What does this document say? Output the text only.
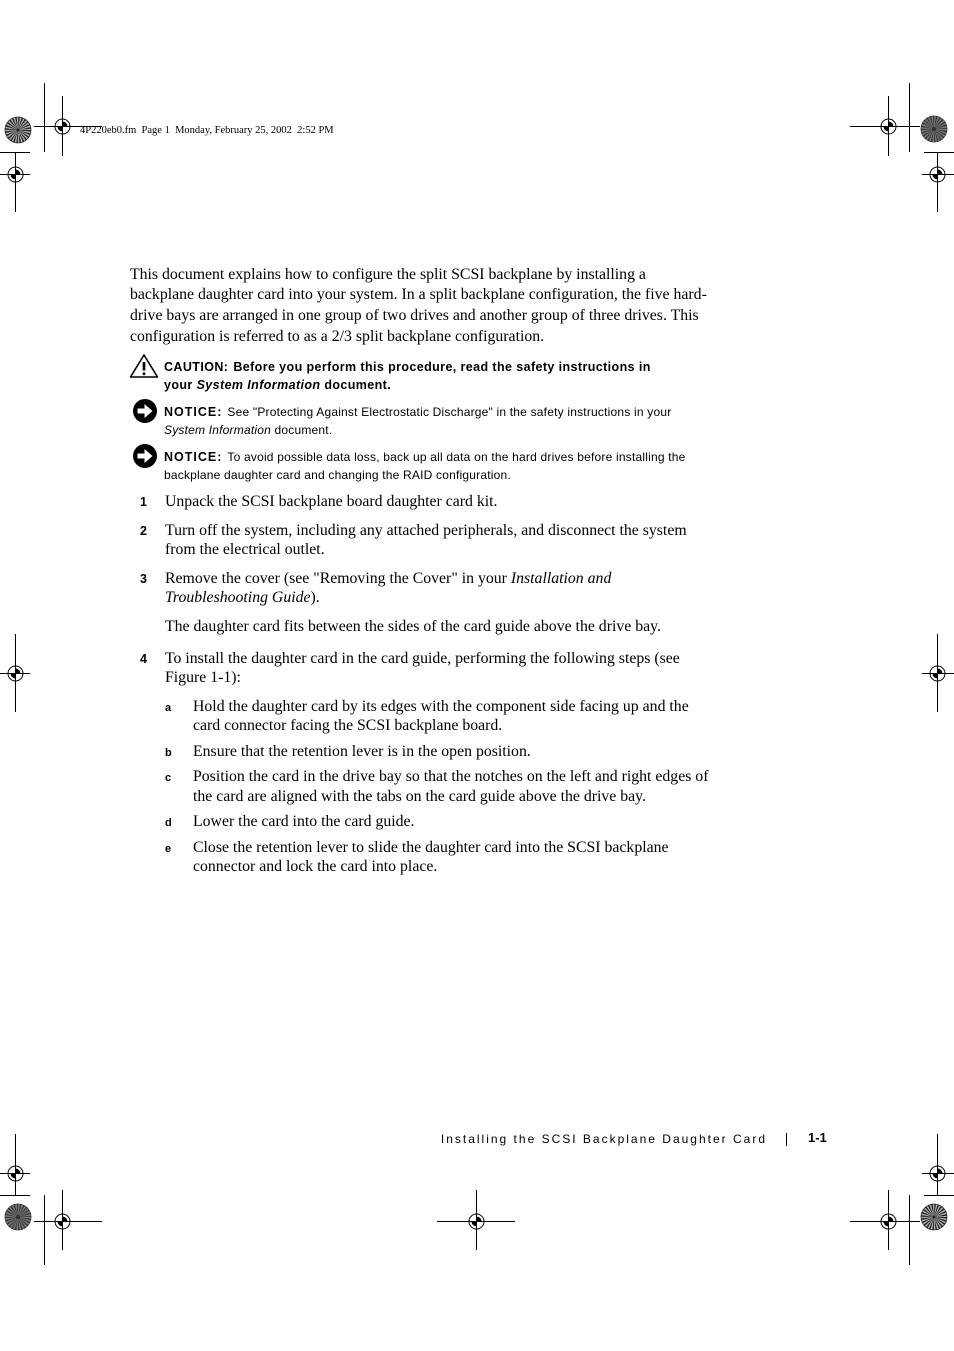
4P220eb0.fm  Page 1  Monday, February 25, 2002  2:52 PM
This document explains how to configure the split SCSI backplane by installing a
backplane daughter card into your system. In a split backplane configuration, the five hard-
drive bays are arranged in one group of two drives and another group of three drives. This
configuration is referred to as a 2/3 split backplane configuration.
CAUTION: Before you perform this procedure, read the safety instructions in
your System Information document.
NOTICE: See "Protecting Against Electrostatic Discharge" in the safety instructions in your
System Information document.
NOTICE: To avoid possible data loss, back up all data on the hard drives before installing the
backplane daughter card and changing the RAID configuration.
1 Unpack the SCSI backplane board daughter card kit.
2 Turn off the system, including any attached peripherals, and disconnect the system
from the electrical outlet.
3 Remove the cover (see "Removing the Cover" in your Installation and
Troubleshooting Guide).
The daughter card fits between the sides of the card guide above the drive bay.
4 To install the daughter card in the card guide, performing the following steps (see
Figure 1-1):
a Hold the daughter card by its edges with the component side facing up and the
card connector facing the SCSI backplane board.
b Ensure that the retention lever is in the open position.
c Position the card in the drive bay so that the notches on the left and right edges of
the card are aligned with the tabs on the card guide above the drive bay.
d Lower the card into the card guide.
e Close the retention lever to slide the daughter card into the SCSI backplane
connector and lock the card into place.
Installing the SCSI Backplane Daughter Card	1-1
